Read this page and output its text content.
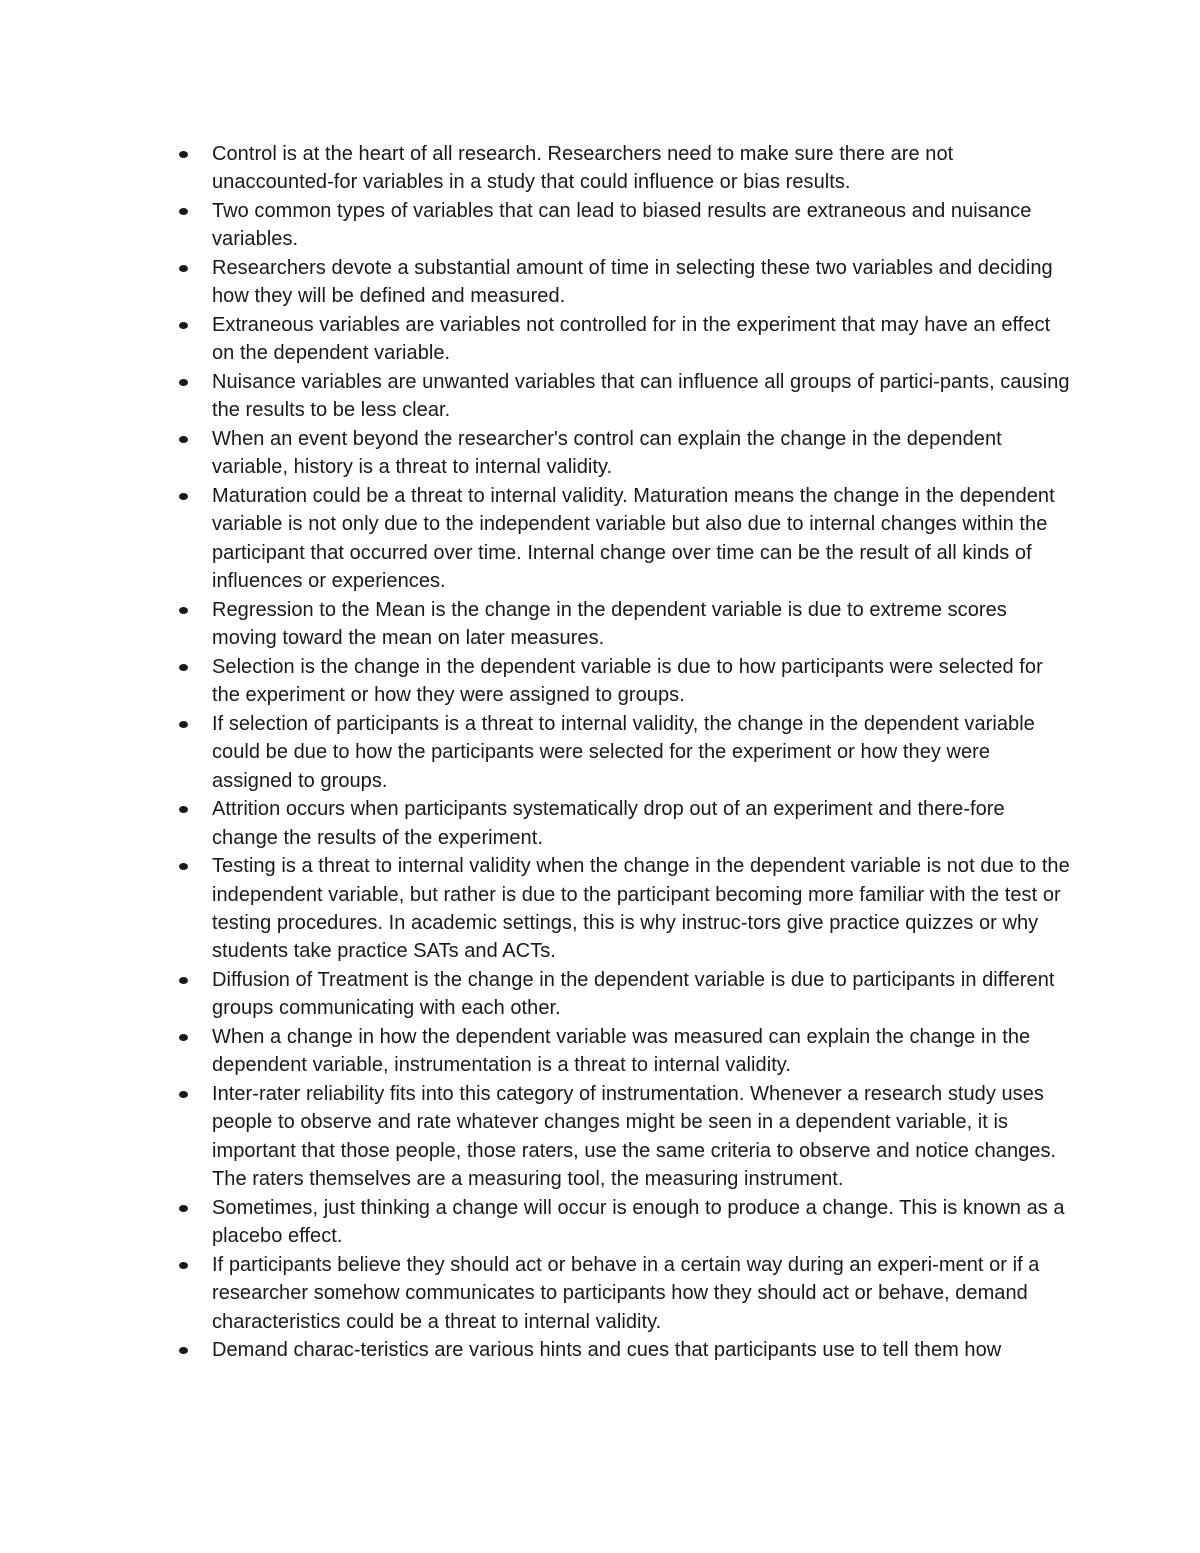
Control is at the heart of all research. Researchers need to make sure there are not unaccounted-for variables in a study that could influence or bias results.
Two common types of variables that can lead to biased results are extraneous and nuisance variables.
Researchers devote a substantial amount of time in selecting these two variables and deciding how they will be defined and measured.
Extraneous variables are variables not controlled for in the experiment that may have an effect on the dependent variable.
Nuisance variables are unwanted variables that can influence all groups of partici-pants, causing the results to be less clear.
When an event beyond the researcher's control can explain the change in the dependent variable, history is a threat to internal validity.
Maturation could be a threat to internal validity. Maturation means the change in the dependent variable is not only due to the independent variable but also due to internal changes within the participant that occurred over time. Internal change over time can be the result of all kinds of influences or experiences.
Regression to the Mean is the change in the dependent variable is due to extreme scores moving toward the mean on later measures.
Selection is the change in the dependent variable is due to how participants were selected for the experiment or how they were assigned to groups.
If selection of participants is a threat to internal validity, the change in the dependent variable could be due to how the participants were selected for the experiment or how they were assigned to groups.
Attrition occurs when participants systematically drop out of an experiment and there-fore change the results of the experiment.
Testing is a threat to internal validity when the change in the dependent variable is not due to the independent variable, but rather is due to the participant becoming more familiar with the test or testing procedures. In academic settings, this is why instruc-tors give practice quizzes or why students take practice SATs and ACTs.
Diffusion of Treatment is the change in the dependent variable is due to participants in different groups communicating with each other.
When a change in how the dependent variable was measured can explain the change in the dependent variable, instrumentation is a threat to internal validity.
Inter-rater reliability fits into this category of instrumentation. Whenever a research study uses people to observe and rate whatever changes might be seen in a dependent variable, it is important that those people, those raters, use the same criteria to observe and notice changes. The raters themselves are a measuring tool, the measuring instrument.
Sometimes, just thinking a change will occur is enough to produce a change. This is known as a placebo effect.
If participants believe they should act or behave in a certain way during an experi-ment or if a researcher somehow communicates to participants how they should act or behave, demand characteristics could be a threat to internal validity.
Demand charac-teristics are various hints and cues that participants use to tell them how
